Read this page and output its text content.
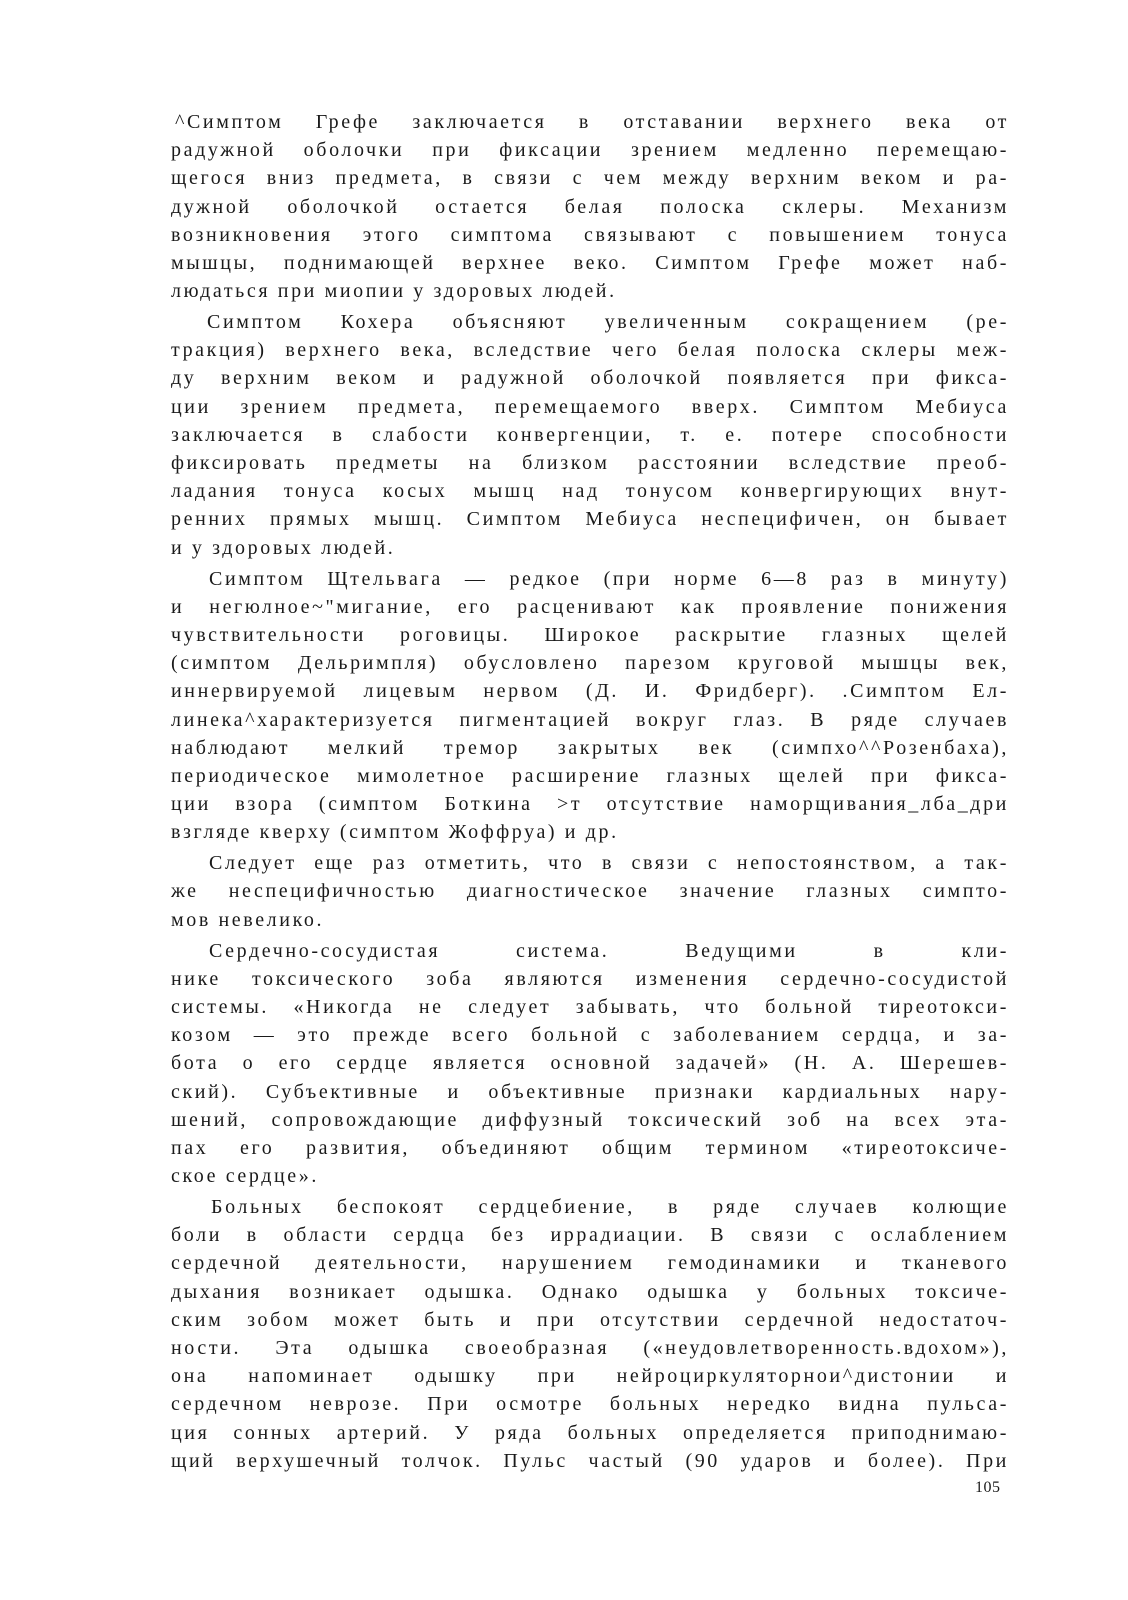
^Симптом Грефе заключается в отставании верхнего века от
радужной оболочки при фиксации зрением медленно перемещаю-
щегося вниз предмета, в связи с чем между верхним веком и ра-
дужной оболочкой остается белая полоска склеры. Механизм
возникновения этого симптома связывают с повышением тонуса
мышцы, поднимающей верхнее веко. Симптом Грефе может наб-
людаться при миопии у здоровых людей.
Симптом Кохера объясняют увеличенным сокращением (ре-
тракция) верхнего века, вследствие чего белая полоска склеры меж-
ду верхним веком и радужной оболочкой появляется при фикса-
ции зрением предмета, перемещаемого вверх. Симптом Мебиуса
заключается в слабости конвергенции, т. е. потере способности
фиксировать предметы на близком расстоянии вследствие преоб-
ладания тонуса косых мышц над тонусом конвергирующих внут-
ренних прямых мышц. Симптом Мебиуса неспецифичен, он бывает
и у здоровых людей.
Симптом Щтельвага — редкое (при норме 6—8 раз в минуту)
и негюлное~"мигание, его расценивают как проявление понижения
чувствительности роговицы. Широкое раскрытие глазных щелей
(симптом Дельримпля) обусловлено парезом круговой мышцы век,
иннервируемой лицевым нервом (Д. И. Фридберг). .Симптом Ел-
линека^характеризуется пигментацией вокруг глаз. В ряде случаев
наблюдают мелкий тремор закрытых век (симпхо^^Розенбаха),
периодическое мимолетное расширение глазных щелей при фикса-
ции взора (симптом Боткина >т отсутствие наморщивания_лба_дри
взгляде кверху (симптом Жоффруа) и др.
Следует еще раз отметить, что в связи с непостоянством, а так-
же неспецифичностью диагностическое значение глазных симпто-
мов невелико.
Сердечно-сосудистая система. Ведущими в кли-
нике токсического зоба являются изменения сердечно-сосудистой
системы. «Никогда не следует забывать, что больной тиреотокси-
козом — это прежде всего больной с заболеванием сердца, и за-
бота о его сердце является основной задачей» (Н. А. Шерешев-
ский). Субъективные и объективные признаки кардиальных нару-
шений, сопровождающие диффузный токсический зоб на всех эта-
пах его развития, объединяют общим термином «тиреотоксиче-
ское сердце».
Больных беспокоят сердцебиение, в ряде случаев колющие
боли в области сердца без иррадиации. В связи с ослаблением
сердечной деятельности, нарушением гемодинамики и тканевого
дыхания возникает одышка. Однако одышка у больных токсиче-
ским зобом может быть и при отсутствии сердечной недостаточ-
ности. Эта одышка своеобразная («неудовлетворенность.вдохом»),
она напоминает одышку при нейроциркуляторнои^дистонии и
сердечном неврозе. При осмотре больных нередко видна пульса-
ция сонных артерий. У ряда больных определяется приподнимаю-
щий верхушечный толчок. Пульс частый (90 ударов и более). При
105
